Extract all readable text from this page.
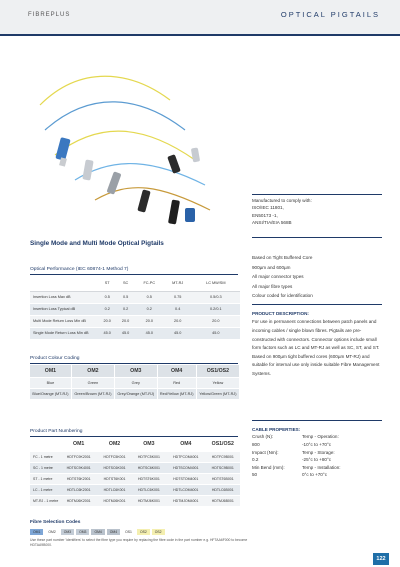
FIBREPLUS	OPTICAL PIGTAILS
Manufactured to comply with:
ISO/IEC 11801,
EN50173 -1,
ANSI/TIA/EIA 568B
Based on Tight Buffered Core
900µm and 600µm
All major connector types
All major fibre types
Colour coded for identification
PRODUCT DESCRIPTION:
For use in permanent connections between patch panels and incoming cables / single blown fibres. Pigtails are pre-constructed with connectors. Connector options include small form factors such as LC and MT-RJ as well as SC, ST, and ST. Based on 900µm tight buffered cores (600µm MT-RJ) and suitable for internal use only inside suitable Fibre Management Systems.
CABLE PROPERTIES:
Crush (N):	Temp - Operation:
800	-10°c to +70°c
Impact (Nm):	Temp - Storage:
0.2	-25°c to +80°c
Min Bend (mm):	Temp - Installation:
50	0°c to +70°c
Single Mode and Multi Mode Optical Pigtails
Optical Performance (IEC 60874-1 Method 7)
	ST	SC	FC-PC	MT-RJ	LC MW/SM
Insertion Loss Max dB	0.5	0.5	0.5	0.75	0.5/0.3
Insertion Loss Typical dB	0.2	0.2	0.2	0.4	0.2/0.1
Multi Mode Return Loss Min dB	20.0	20.0	20.0	20.0	20.0
Single Mode Return Loss Min dB	45.0	45.0	45.0	45.0	45.0
Product Colour Coding
OM1	OM2	OM3	OM4	OS1/OS2
Blue	Green	Grey	Red	Yellow
Blue/Orange (MT-RJ)	Green/Brown (MT-RJ)	Grey/Orange (MT-RJ)	Red/Yellow (MT-RJ)	Yellow/Green (MT-RJ)
Product Part Numbering
	OM1	OM2	OM3	OM4	OS1/OS2
FC - 1 metre	HDTFC9K2001	HDTFC5K001	HDTFC5K001	HDTFCOM4001	HDTFC9B001
SC - 1 metre	HDTSC9K4001	HDTSC6K001	HDTSC6K001	HDTSCOM4001	HDTSC9B001
ST - 1 metre	HDTST6K2001	HDTST6K001	HDTST6K001	HDTSTOM4001	HDTST6B001
LC - 1 metre	HDTLC6K2001	HDTLC6K001	HDTLC6K001	HDTLCOM4001	HDTLC6B001
MT-RJ - 1 metre	HDTMJ6K2001	HDTMJ6K001	HDTMJ6K001	HDTMJOM4001	HDTMJ6B001
Fibre Selection Codes
OM1	OM2	OM3	OM3	OM4	OM4	OS1	OS2	OS2
Use these part number 'identifiers' to select the fibre type you require by replacing the fibre code in the part number e.g. HFTAA6F000 to become HDTAA9B000.
122
